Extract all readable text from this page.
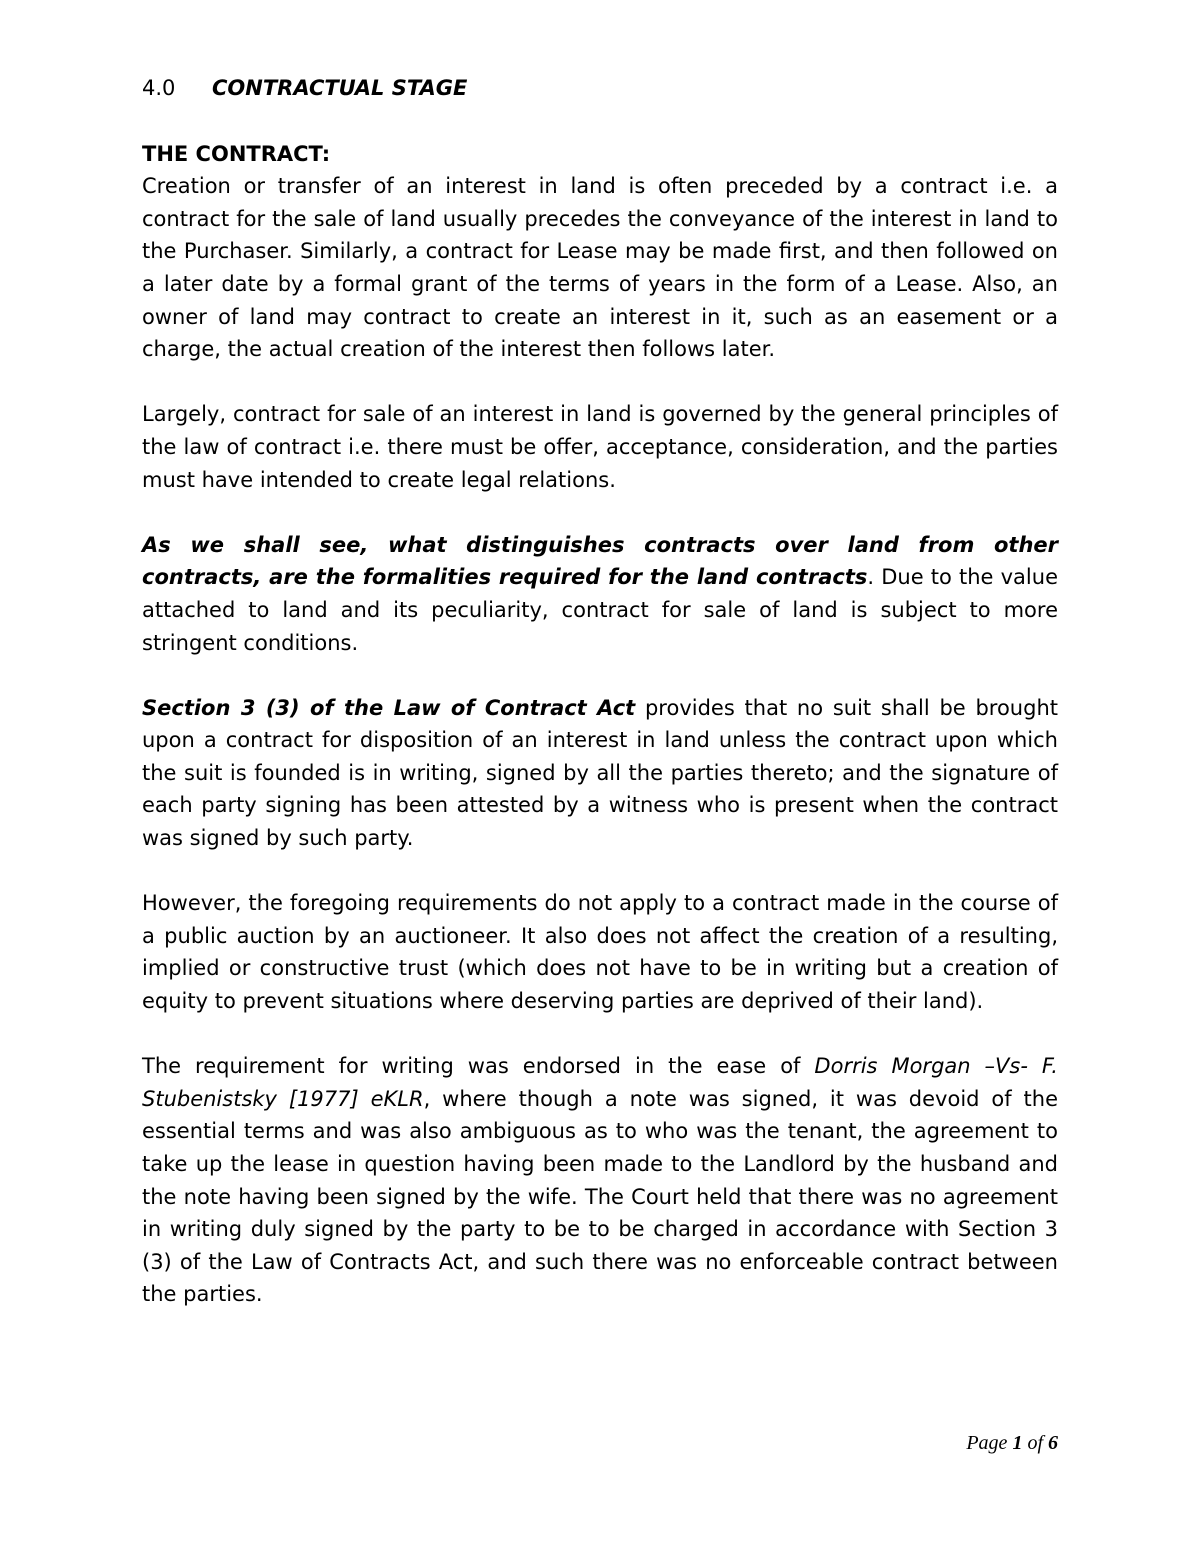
4.0 CONTRACTUAL STAGE
THE CONTRACT:

Creation or transfer of an interest in land is often preceded by a contract i.e. a contract for the sale of land usually precedes the conveyance of the interest in land to the Purchaser. Similarly, a contract for Lease may be made first, and then followed on a later date by a formal grant of the terms of years in the form of a Lease. Also, an owner of land may contract to create an interest in it, such as an easement or a charge, the actual creation of the interest then follows later.

Largely, contract for sale of an interest in land is governed by the general principles of the law of contract i.e. there must be offer, acceptance, consideration, and the parties must have intended to create legal relations.

As we shall see, what distinguishes contracts over land from other contracts, are the formalities required for the land contracts. Due to the value attached to land and its peculiarity, contract for sale of land is subject to more stringent conditions.

Section 3 (3) of the Law of Contract Act provides that no suit shall be brought upon a contract for disposition of an interest in land unless the contract upon which the suit is founded is in writing, signed by all the parties thereto; and the signature of each party signing has been attested by a witness who is present when the contract was signed by such party.

However, the foregoing requirements do not apply to a contract made in the course of a public auction by an auctioneer. It also does not affect the creation of a resulting, implied or constructive trust (which does not have to be in writing but a creation of equity to prevent situations where deserving parties are deprived of their land).

The requirement for writing was endorsed in the ease of Dorris Morgan –Vs- F. Stubenistsky [1977] eKLR, where though a note was signed, it was devoid of the essential terms and was also ambiguous as to who was the tenant, the agreement to take up the lease in question having been made to the Landlord by the husband and the note having been signed by the wife. The Court held that there was no agreement in writing duly signed by the party to be to be charged in accordance with Section 3 (3) of the Law of Contracts Act, and such there was no enforceable contract between the parties.

Page 1 of 6
